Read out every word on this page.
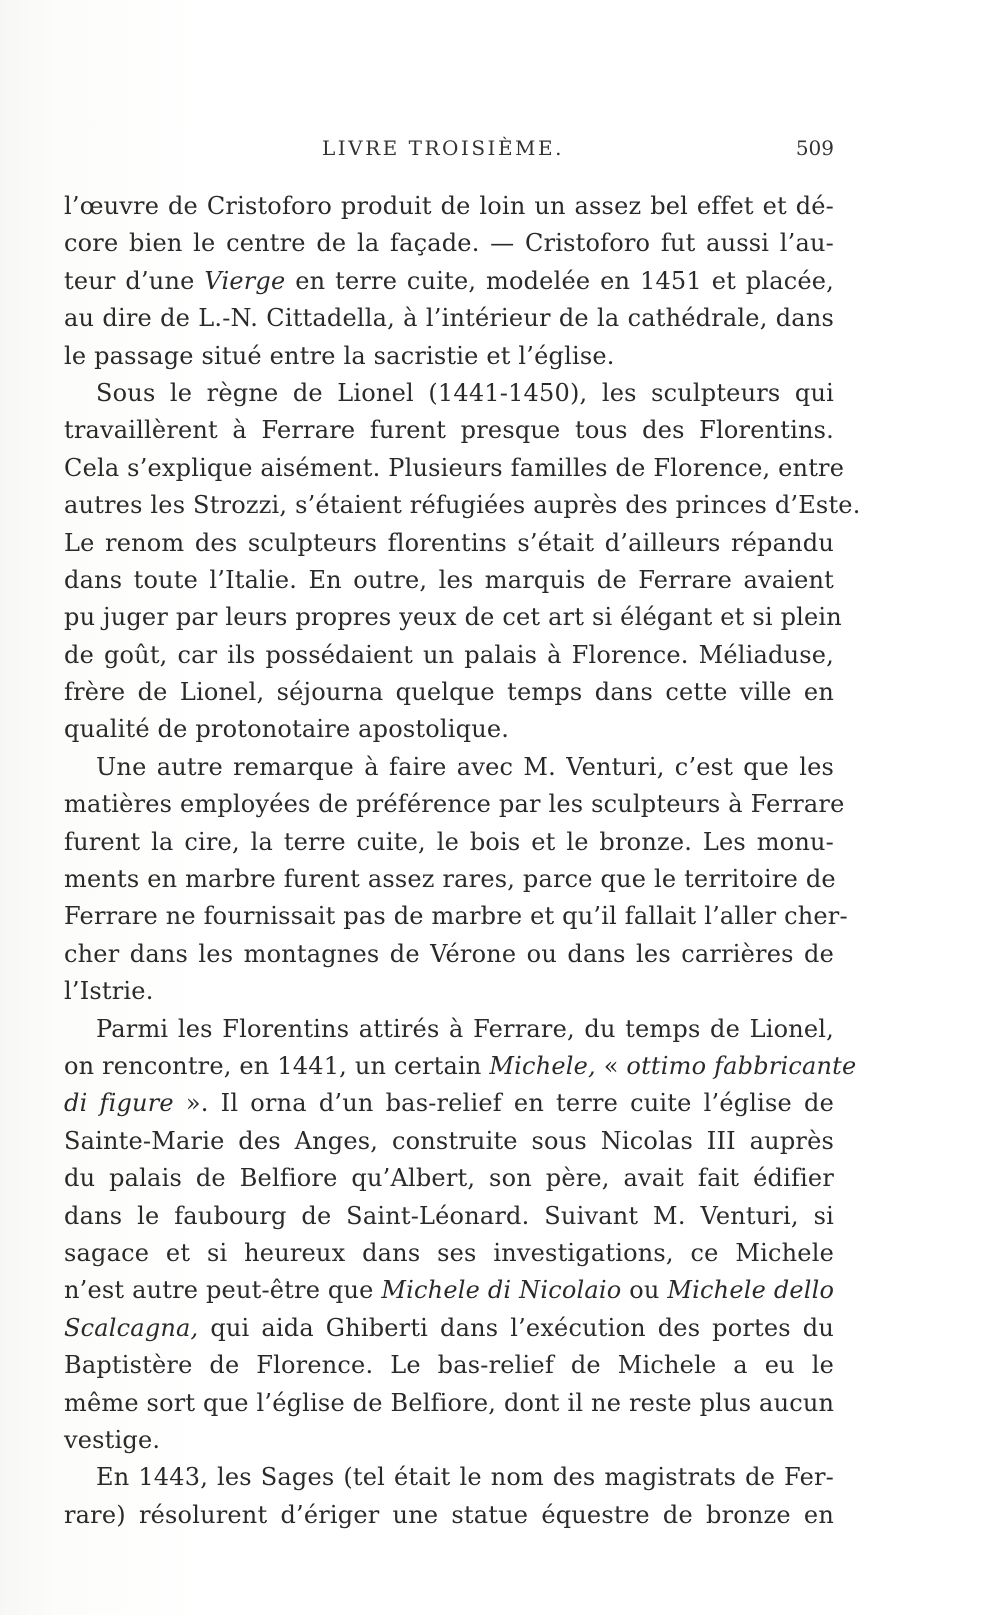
LIVRE TROISIÈME.	509
l’œuvre de Cristoforo produit de loin un assez bel effet et dé-
core bien le centre de la façade. — Cristoforo fut aussi l’au-
teur d’une Vierge en terre cuite, modelée en 1451 et placée,
au dire de L.-N. Cittadella, à l’intérieur de la cathédrale, dans
le passage situé entre la sacristie et l’église.
Sous le règne de Lionel (1441-1450), les sculpteurs qui
travaillèrent à Ferrare furent presque tous des Florentins.
Cela s’explique aisément. Plusieurs familles de Florence, entre
autres les Strozzi, s’étaient réfugiées auprès des princes d’Este.
Le renom des sculpteurs florentins s’était d’ailleurs répandu
dans toute l’Italie. En outre, les marquis de Ferrare avaient
pu juger par leurs propres yeux de cet art si élégant et si plein
de goût, car ils possédaient un palais à Florence. Méliaduse,
frère de Lionel, séjourna quelque temps dans cette ville en
qualité de protonotaire apostolique.
Une autre remarque à faire avec M. Venturi, c’est que les
matières employées de préférence par les sculpteurs à Ferrare
furent la cire, la terre cuite, le bois et le bronze. Les monu-
ments en marbre furent assez rares, parce que le territoire de
Ferrare ne fournissait pas de marbre et qu’il fallait l’aller cher-
cher dans les montagnes de Vérone ou dans les carrières de
l’Istrie.
Parmi les Florentins attirés à Ferrare, du temps de Lionel,
on rencontre, en 1441, un certain Michele, « ottimo fabbricante
di figure ». Il orna d’un bas-relief en terre cuite l’église de
Sainte-Marie des Anges, construite sous Nicolas III auprès
du palais de Belfiore qu’Albert, son père, avait fait édifier
dans le faubourg de Saint-Léonard. Suivant M. Venturi, si
sagace et si heureux dans ses investigations, ce Michele
n’est autre peut-être que Michele di Nicolaio ou Michele dello
Scalcagna, qui aida Ghiberti dans l’exécution des portes du
Baptistère de Florence. Le bas-relief de Michele a eu le
même sort que l’église de Belfiore, dont il ne reste plus aucun
vestige.
En 1443, les Sages (tel était le nom des magistrats de Fer-
rare) résolurent d’ériger une statue équestre de bronze en
